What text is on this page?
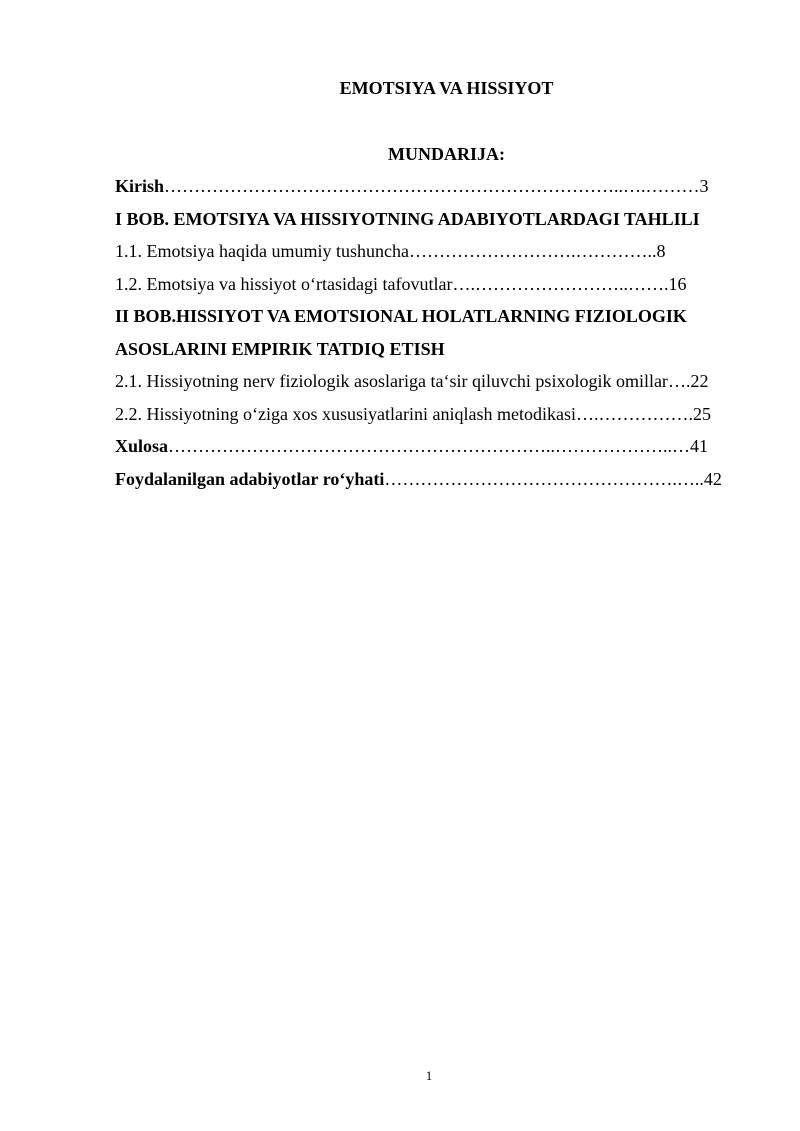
EMOTSIYA VA HISSIYOT
MUNDARIJA:
Kirish…………………………………………………………………..….………3
I BOB. EMOTSIYA VA HISSIYOTNING ADABIYOTLARDAGI TAHLILI
1.1. Emotsiya haqida umumiy tushuncha……………………….…………..8
1.2. Emotsiya va hissiyot o‘rtasidagi tafovutlar….……………………..…….16
II BOB.HISSIYOT VA EMOTSIONAL HOLATLARNING FIZIOLOGIK
ASOSLARINI EMPIRIK TATDIQ ETISH
2.1. Hissiyotning nerv fiziologik asoslariga ta‘sir qiluvchi psixologik omillar….22
2.2. Hissiyotning o‘ziga xos xususiyatlarini aniqlash metodikasi….…………….25
Xulosa………………………………………………………..………………..…41
Foydalanilgan adabiyotlar ro‘yhati………………………………………….…..42
1
